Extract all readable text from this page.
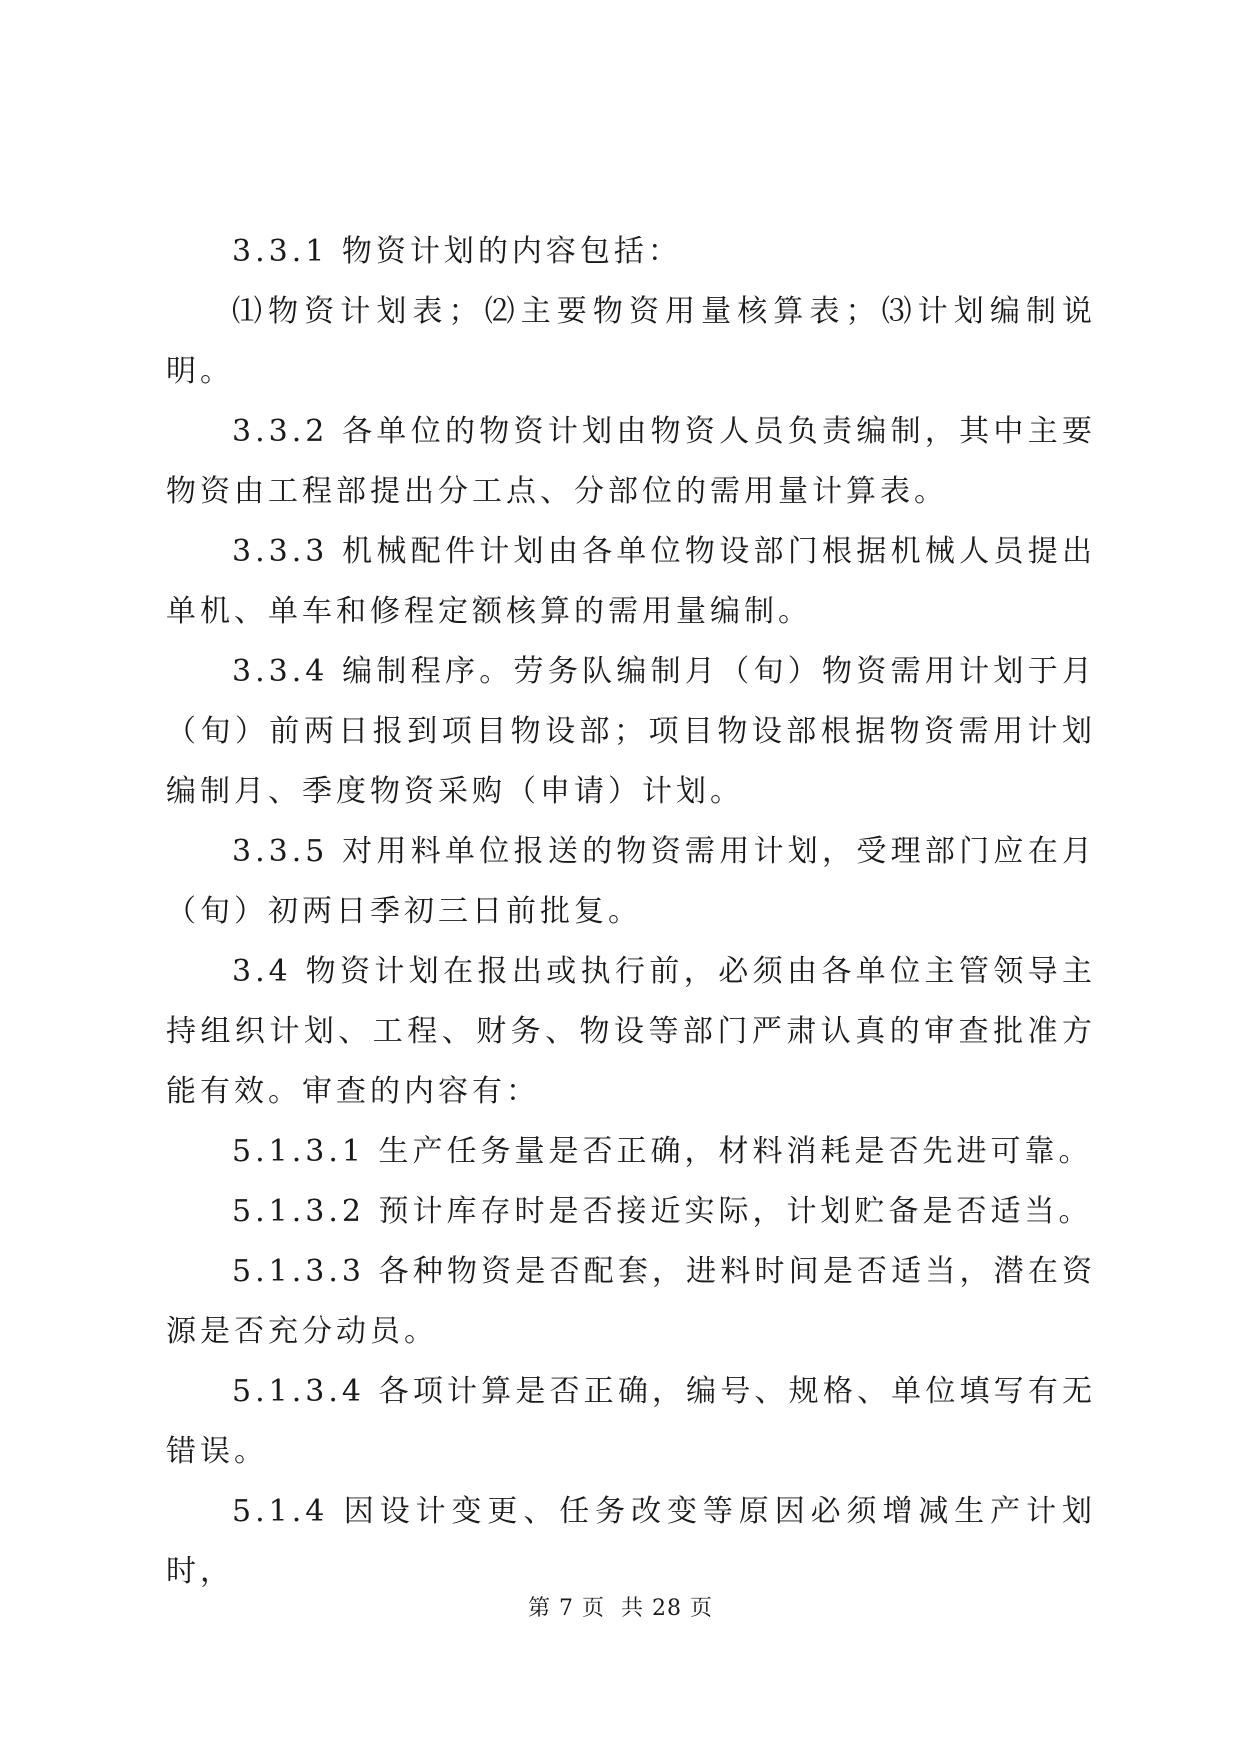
3.3.1 物资计划的内容包括：

⑴物资计划表；⑵主要物资用量核算表；⑶计划编制说明。

3.3.2 各单位的物资计划由物资人员负责编制，其中主要物资由工程部提出分工点、分部位的需用量计算表。

3.3.3 机械配件计划由各单位物设部门根据机械人员提出单机、单车和修程定额核算的需用量编制。

3.3.4 编制程序。劳务队编制月（旬）物资需用计划于月（旬）前两日报到项目物设部；项目物设部根据物资需用计划编制月、季度物资采购（申请）计划。

3.3.5 对用料单位报送的物资需用计划，受理部门应在月（旬）初两日季初三日前批复。

3.4 物资计划在报出或执行前，必须由各单位主管领导主持组织计划、工程、财务、物设等部门严肃认真的审查批准方能有效。审查的内容有：

5.1.3.1 生产任务量是否正确，材料消耗是否先进可靠。

5.1.3.2 预计库存时是否接近实际，计划贮备是否适当。

5.1.3.3 各种物资是否配套，进料时间是否适当，潜在资源是否充分动员。

5.1.3.4 各项计算是否正确，编号、规格、单位填写有无错误。

5.1.4 因设计变更、任务改变等原因必须增减生产计划时，

第 7 页  共 28 页
